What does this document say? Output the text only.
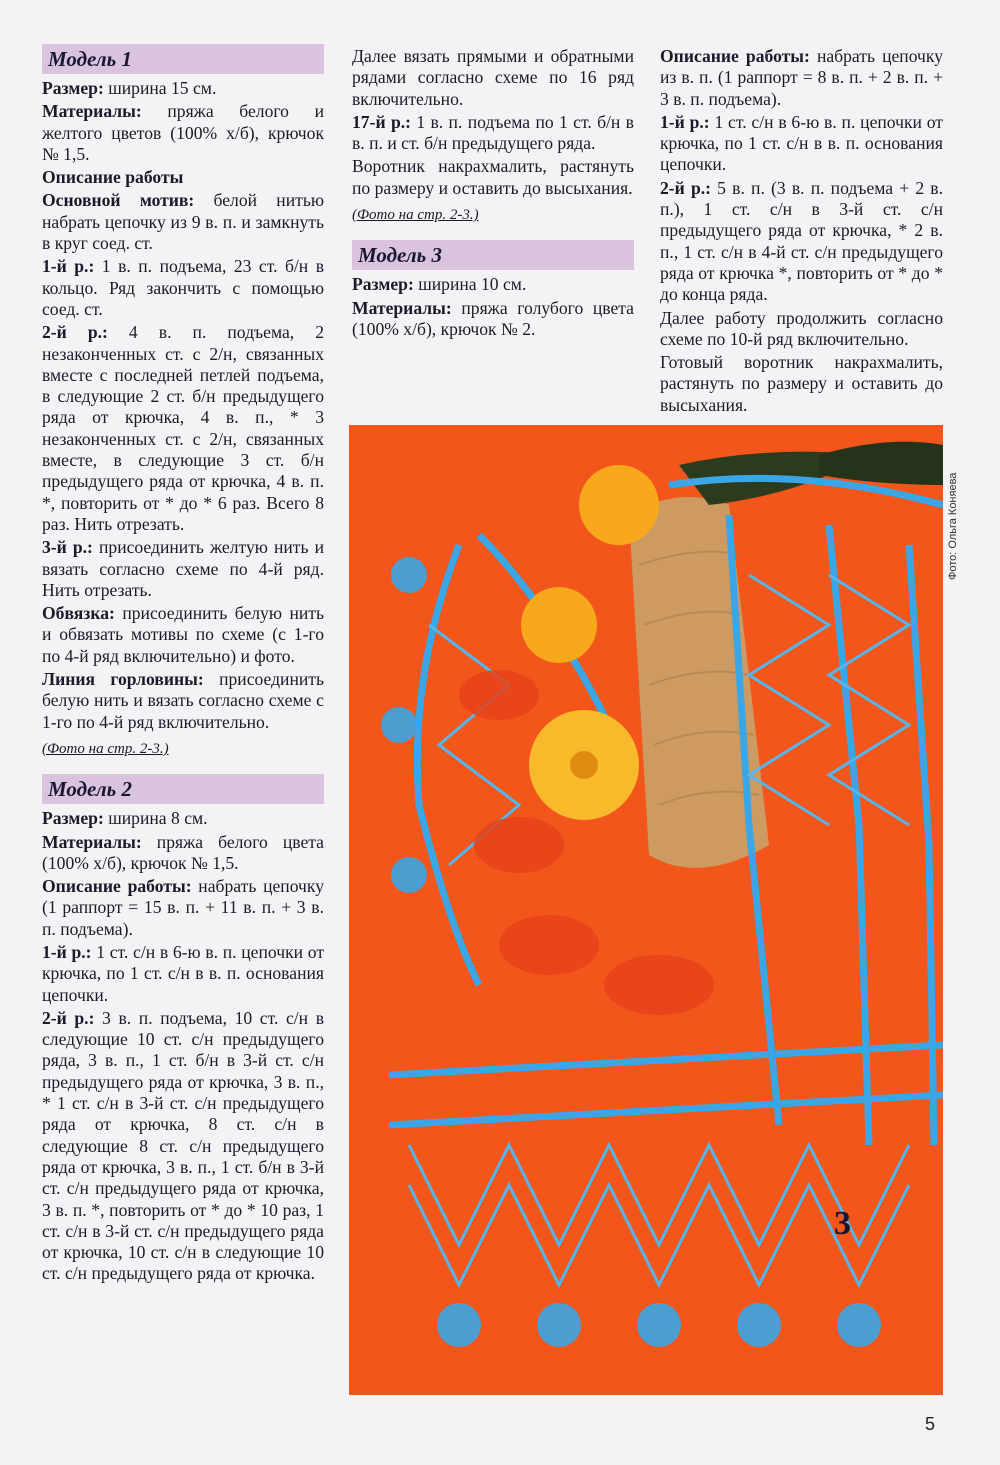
Модель 1

Размер: ширина 15 см.

Материалы: пряжа белого и желтого цветов (100% х/б), крючок № 1,5.

Описание работы

Основной мотив: белой нитью набрать цепочку из 9 в. п. и замкнуть в круг соед. ст.

1-й р.: 1 в. п. подъема, 23 ст. б/н в кольцо. Ряд закончить с помощью соед. ст.

2-й р.: 4 в. п. подъема, 2 незаконченных ст. с 2/н, связанных вместе с последней петлей подъема, в следующие 2 ст. б/н предыдущего ряда от крючка, 4 в. п., * 3 незаконченных ст. с 2/н, связанных вместе, в следующие 3 ст. б/н предыдущего ряда от крючка, 4 в. п. *, повторить от * до * 6 раз. Всего 8 раз. Нить отрезать.

3-й р.: присоединить желтую нить и вязать согласно схеме по 4-й ряд. Нить отрезать.

Обвязка: присоединить белую нить и обвязать мотивы по схеме (с 1-го по 4-й ряд включительно) и фото.

Линия горловины: присоединить белую нить и вязать согласно схеме с 1-го по 4-й ряд включительно.

(Фото на стр. 2-3.)

Модель 2

Размер: ширина 8 см.

Материалы: пряжа белого цвета (100% х/б), крючок № 1,5.

Описание работы: набрать цепочку (1 раппорт = 15 в. п. + 11 в. п. + 3 в. п. подъема).

1-й р.: 1 ст. с/н в 6-ю в. п. цепочки от крючка, по 1 ст. с/н в в. п. основания цепочки.

2-й р.: 3 в. п. подъема, 10 ст. с/н в следующие 10 ст. с/н предыдущего ряда, 3 в. п., 1 ст. б/н в 3-й ст. с/н предыдущего ряда от крючка, 3 в. п., * 1 ст. с/н в 3-й ст. с/н предыдущего ряда от крючка, 8 ст. с/н в следующие 8 ст. с/н предыдущего ряда от крючка, 3 в. п., 1 ст. б/н в 3-й ст. с/н предыдущего ряда от крючка, 3 в. п. *, повторить от * до * 10 раз, 1 ст. с/н в 3-й ст. с/н предыдущего ряда от крючка, 10 ст. с/н в следующие 10 ст. с/н предыдущего ряда от крючка.

Далее вязать прямыми и обратными рядами согласно схеме по 16 ряд включительно.

17-й р.: 1 в. п. подъема по 1 ст. б/н в в. п. и ст. б/н предыдущего ряда.

Воротник накрахмалить, растянуть по размеру и оставить до высыхания.

(Фото на стр. 2-3.)

Модель 3

Размер: ширина 10 см.

Материалы: пряжа голубого цвета (100% х/б), крючок № 2.

Описание работы: набрать цепочку из в. п. (1 раппорт = 8 в. п. + 2 в. п. + 3 в. п. подъема).

1-й р.: 1 ст. с/н в 6-ю в. п. цепочки от крючка, по 1 ст. с/н в в. п. основания цепочки.

2-й р.: 5 в. п. (3 в. п. подъема + 2 в. п.), 1 ст. с/н в 3-й ст. с/н предыдущего ряда от крючка, * 2 в. п., 1 ст. с/н в 4-й ст. с/н предыдущего ряда от крючка *, повторить от * до * до конца ряда.

Далее работу продолжить согласно схеме по 10-й ряд включительно.

Готовый воротник накрахмалить, растянуть по размеру и оставить до высыхания.

3
Фото: Ольга Коняева
5
